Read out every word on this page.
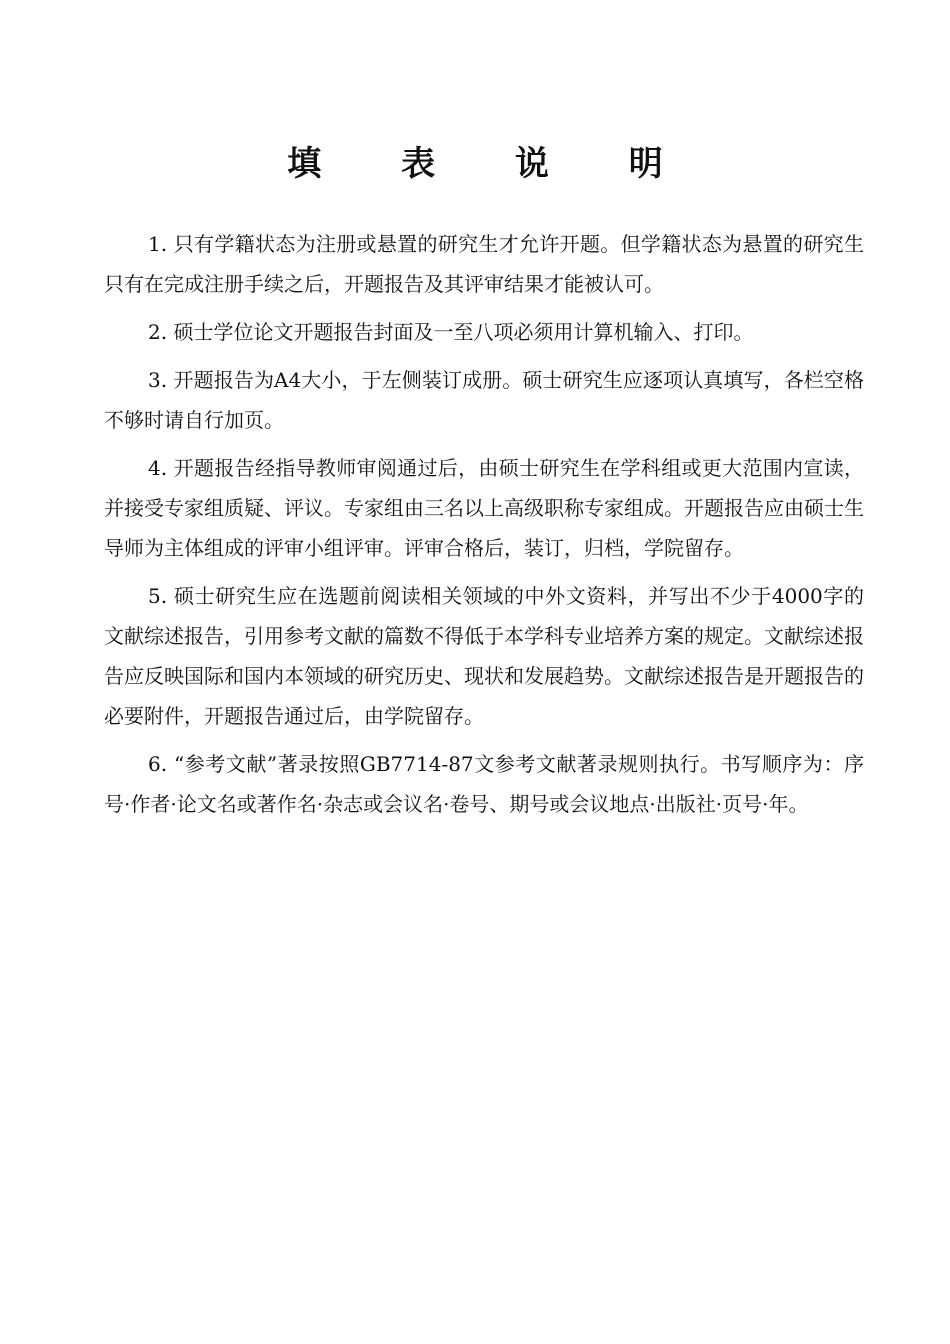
填 表 说 明

1. 只有学籍状态为注册或悬置的研究生才允许开题。但学籍状态为悬置的研究生只有在完成注册手续之后，开题报告及其评审结果才能被认可。

2. 硕士学位论文开题报告封面及一至八项必须用计算机输入、打印。

3. 开题报告为A4大小，于左侧装订成册。硕士研究生应逐项认真填写，各栏空格不够时请自行加页。

4. 开题报告经指导教师审阅通过后，由硕士研究生在学科组或更大范围内宣读，并接受专家组质疑、评议。专家组由三名以上高级职称专家组成。开题报告应由硕士生导师为主体组成的评审小组评审。评审合格后，装订，归档，学院留存。

5. 硕士研究生应在选题前阅读相关领域的中外文资料，并写出不少于4000字的文献综述报告，引用参考文献的篇数不得低于本学科专业培养方案的规定。文献综述报告应反映国际和国内本领域的研究历史、现状和发展趋势。文献综述报告是开题报告的必要附件，开题报告通过后，由学院留存。

6. “参考文献”著录按照GB7714-87文参考文献著录规则执行。书写顺序为：序号·作者·论文名或著作名·杂志或会议名·卷号、期号或会议地点·出版社·页号·年。
